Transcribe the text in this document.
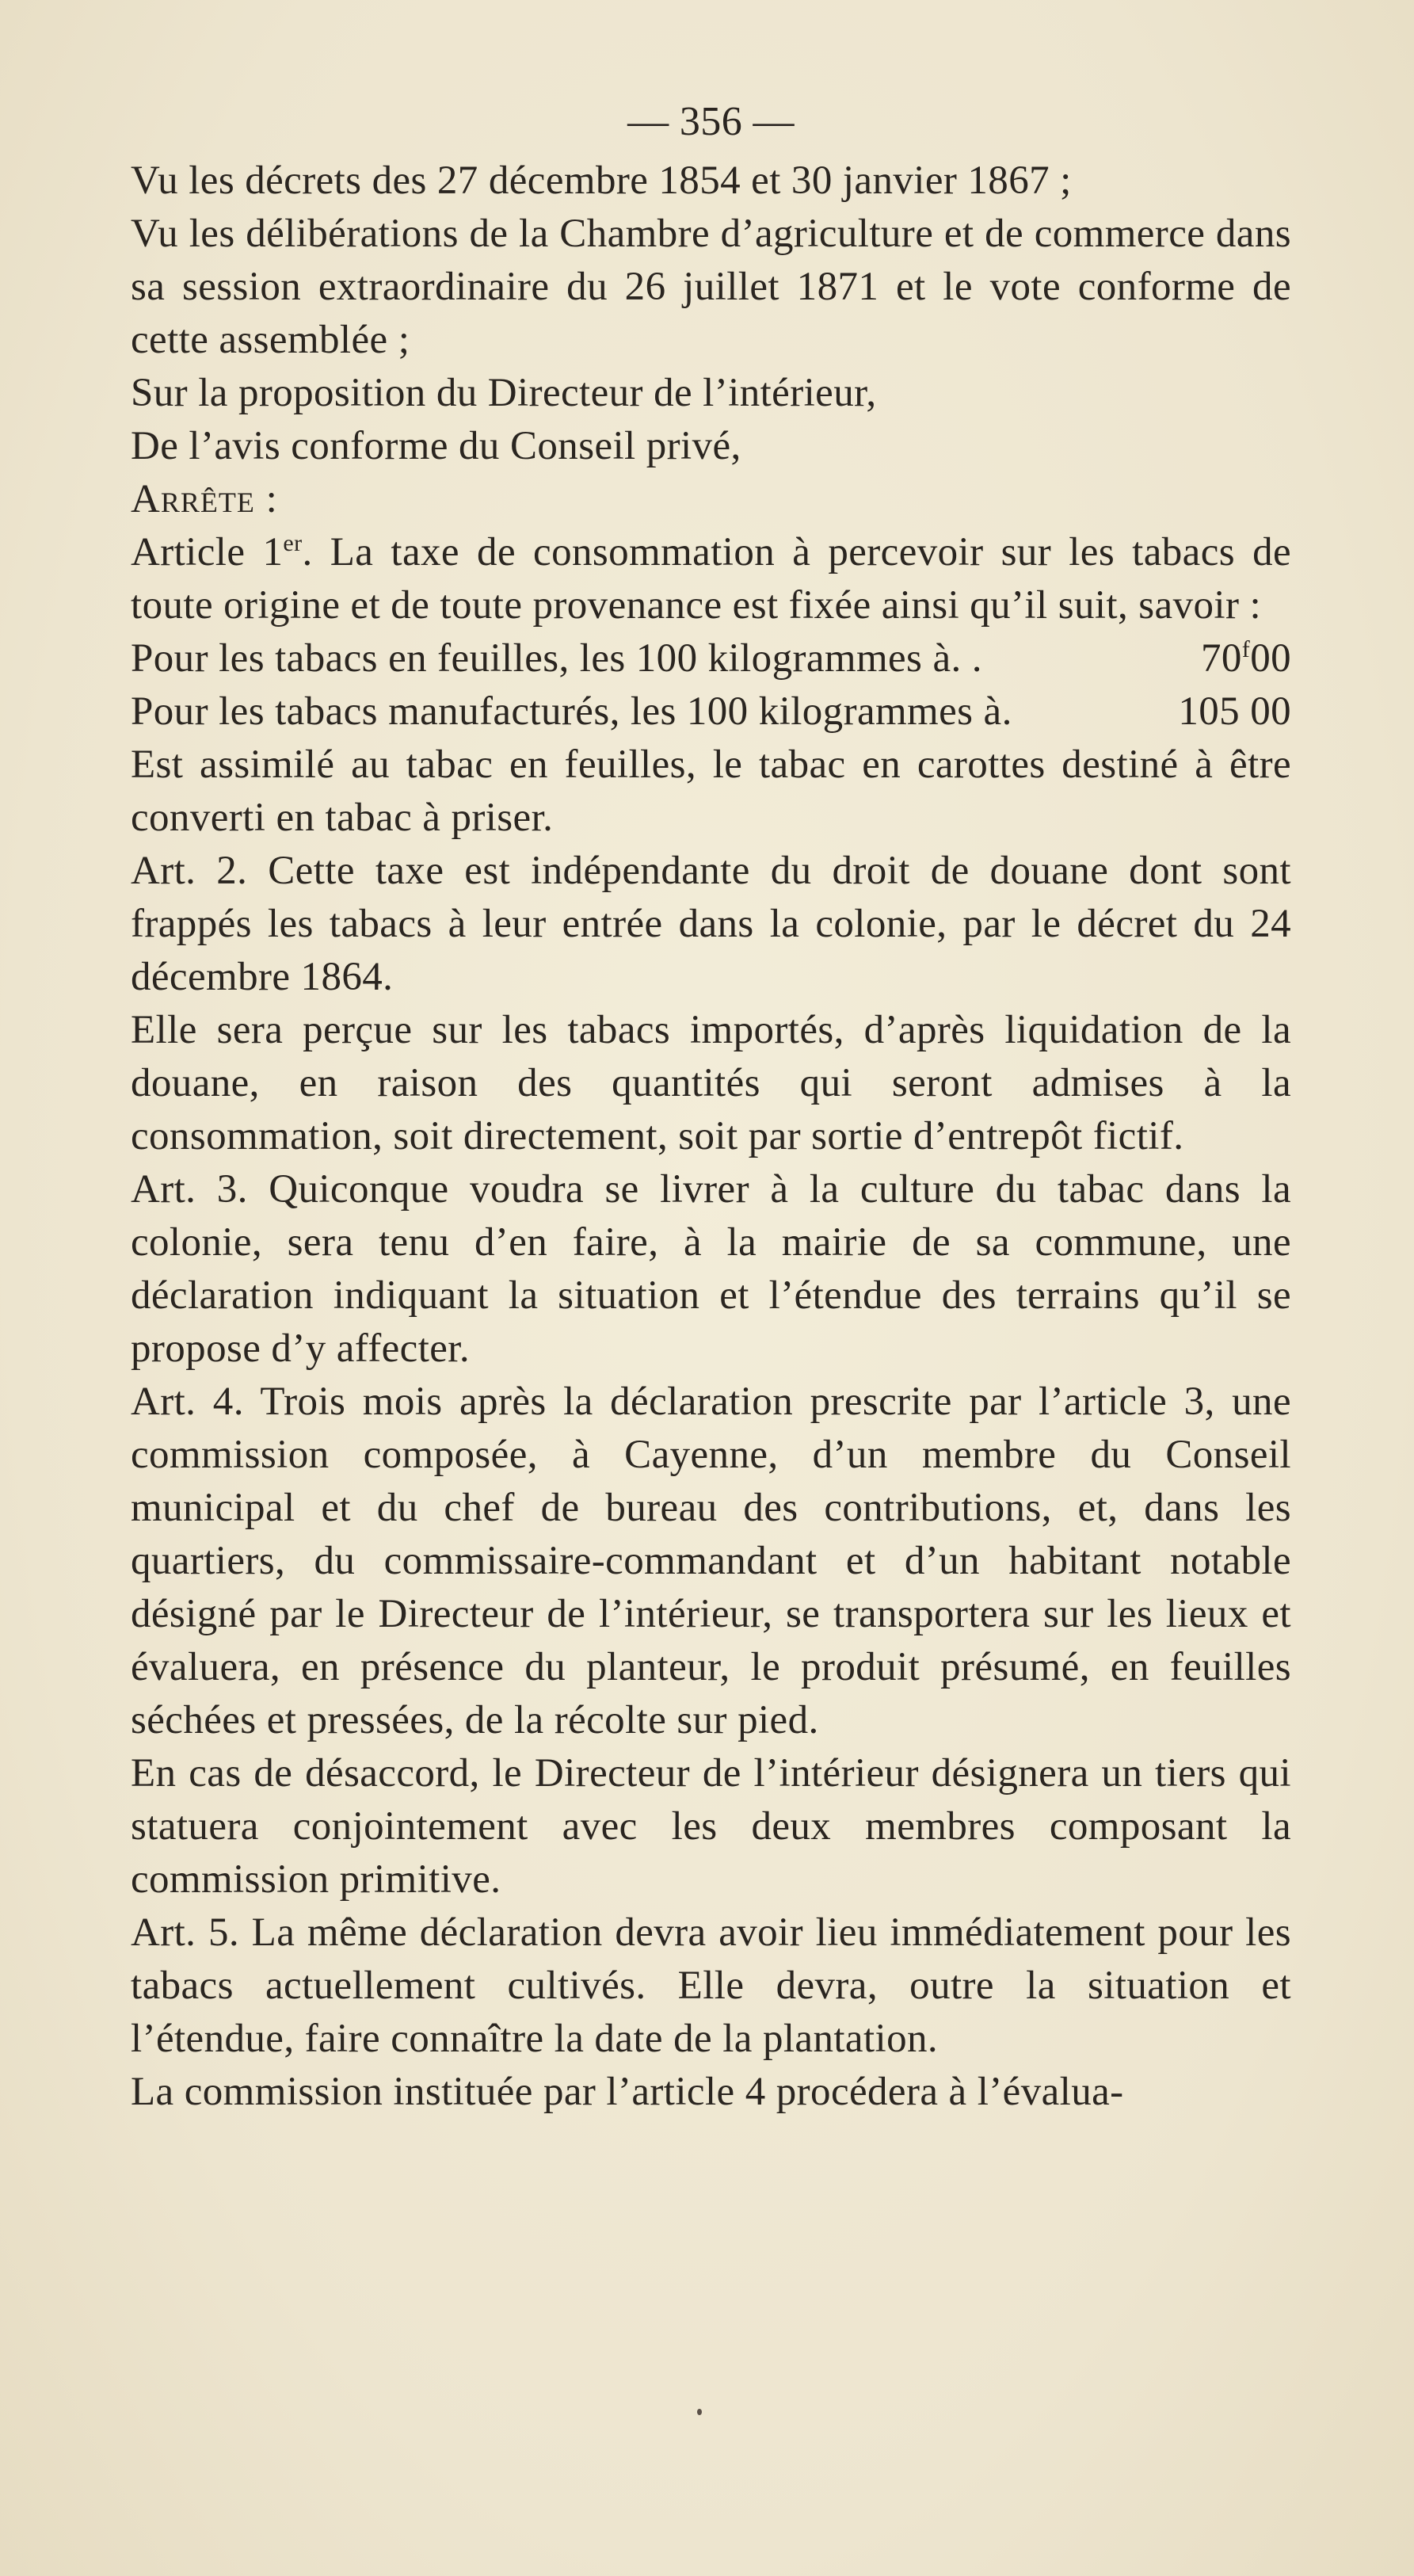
— 356 —

Vu les décrets des 27 décembre 1854 et 30 janvier 1867 ;

Vu les délibérations de la Chambre d’agriculture et de commerce dans sa session extraordinaire du 26 juillet 1871 et le vote conforme de cette assemblée ;

Sur la proposition du Directeur de l’intérieur,

De l’avis conforme du Conseil privé,

Arrête :

Article 1er. La taxe de consommation à percevoir sur les tabacs de toute origine et de toute provenance est fixée ainsi qu’il suit, savoir :

Pour les tabacs en feuilles, les 100 kilogrammes à. .	70$^f$00
Pour les tabacs manufacturés, les 100 kilogrammes à.	105 00

Est assimilé au tabac en feuilles, le tabac en carottes destiné à être converti en tabac à priser.

Art. 2. Cette taxe est indépendante du droit de douane dont sont frappés les tabacs à leur entrée dans la colonie, par le décret du 24 décembre 1864.

Elle sera perçue sur les tabacs importés, d’après liquidation de la douane, en raison des quantités qui seront admises à la consommation, soit directement, soit par sortie d’entrepôt fictif.

Art. 3. Quiconque voudra se livrer à la culture du tabac dans la colonie, sera tenu d’en faire, à la mairie de sa commune, une déclaration indiquant la situation et l’étendue des terrains qu’il se propose d’y affecter.

Art. 4. Trois mois après la déclaration prescrite par l’article 3, une commission composée, à Cayenne, d’un membre du Conseil municipal et du chef de bureau des contributions, et, dans les quartiers, du commissaire-commandant et d’un habitant notable désigné par le Directeur de l’intérieur, se transportera sur les lieux et évaluera, en présence du planteur, le produit présumé, en feuilles séchées et pressées, de la récolte sur pied.

En cas de désaccord, le Directeur de l’intérieur désignera un tiers qui statuera conjointement avec les deux membres composant la commission primitive.

Art. 5. La même déclaration devra avoir lieu immédiatement pour les tabacs actuellement cultivés. Elle devra, outre la situation et l’étendue, faire connaître la date de la plantation.

La commission instituée par l’article 4 procédera à l’évalua-
